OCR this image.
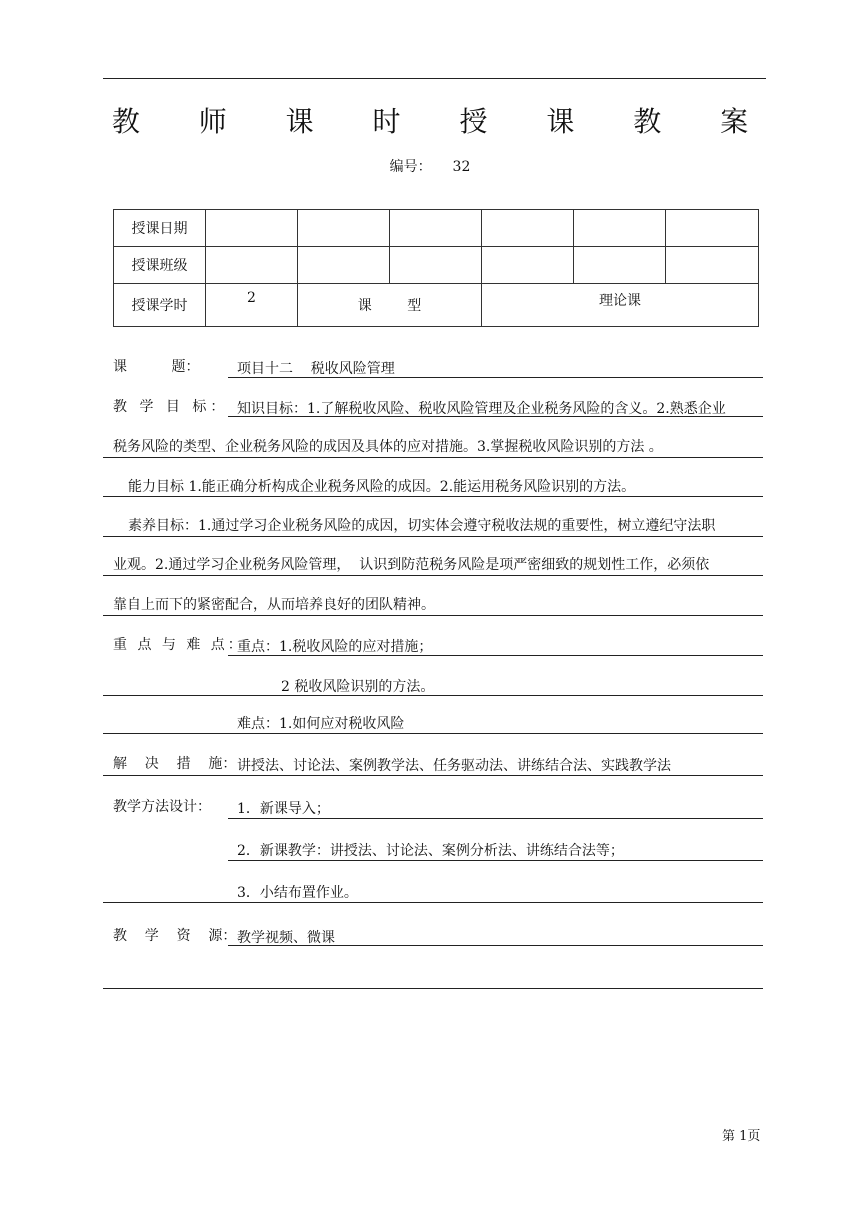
教 师 课 时 授 课 教 案
编号： 32
授课日期						
授课班级						
授课学时	2	课        型		理论课		
课          题：	项目十二    税收风险管理
教 学 目 标： 知识目标：1.了解税收风险、税收风险管理及企业税务风险的含义。2.熟悉企业
税务风险的类型、企业税务风险的成因及具体的应对措施。3.掌握税收风险识别的方法 。
能力目标 1.能正确分析构成企业税务风险的成因。2.能运用税务风险识别的方法。
素养目标：1.通过学习企业税务风险的成因，切实体会遵守税收法规的重要性，树立遵纪守法职
业观。2.通过学习企业税务风险管理，  认识到防范税务风险是项严密细致的规划性工作，必须依
靠自上而下的紧密配合，从而培养良好的团队精神。
重 点 与 难 点：
重点：1.税收风险的应对措施；
2 税收风险识别的方法。
难点：1.如何应对税收风险
解    决    措    施： 讲授法、讨论法、案例教学法、任务驱动法、讲练结合法、实践教学法
教学方法设计： 1．新课导入；
2．新课教学：讲授法、讨论法、案例分析法、讲练结合法等；
3．小结布置作业。
教    学    资    源： 教学视频、微课
第 1页
